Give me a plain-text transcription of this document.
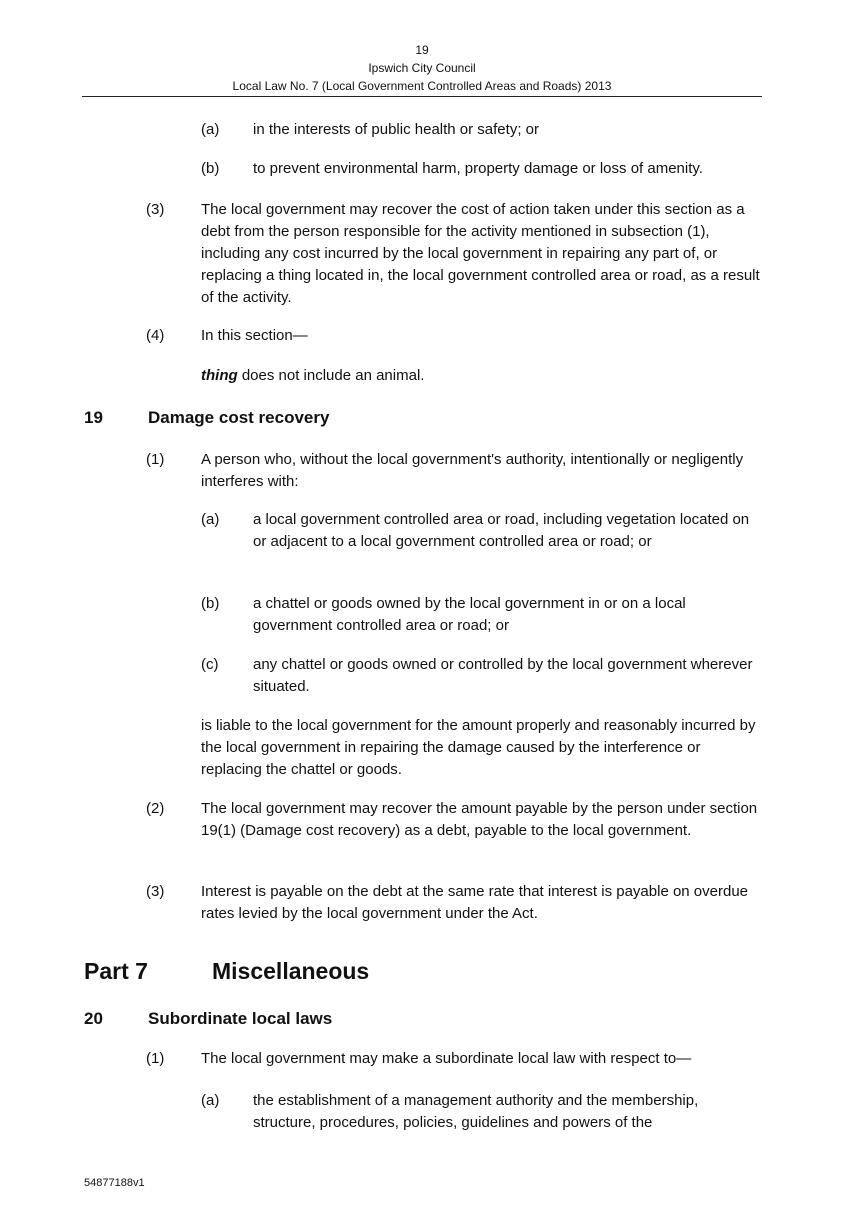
19
Ipswich City Council
Local Law No. 7 (Local Government Controlled Areas and Roads) 2013
(a) in the interests of public health or safety; or
(b) to prevent environmental harm, property damage or loss of amenity.
(3) The local government may recover the cost of action taken under this section as a debt from the person responsible for the activity mentioned in subsection (1), including any cost incurred by the local government in repairing any part of, or replacing a thing located in, the local government controlled area or road, as a result of the activity.
(4) In this section—
thing does not include an animal.
19	Damage cost recovery
(1) A person who, without the local government's authority, intentionally or negligently interferes with:
(a) a local government controlled area or road, including vegetation located on or adjacent to a local government controlled area or road; or
(b) a chattel or goods owned by the local government in or on a local government controlled area or road; or
(c) any chattel or goods owned or controlled by the local government wherever situated.
is liable to the local government for the amount properly and reasonably incurred by the local government in repairing the damage caused by the interference or replacing the chattel or goods.
(2) The local government may recover the amount payable by the person under section 19(1) (Damage cost recovery) as a debt, payable to the local government.
(3) Interest is payable on the debt at the same rate that interest is payable on overdue rates levied by the local government under the Act.
Part 7	Miscellaneous
20	Subordinate local laws
(1) The local government may make a subordinate local law with respect to—
(a) the establishment of a management authority and the membership, structure, procedures, policies, guidelines and powers of the
54877188v1
